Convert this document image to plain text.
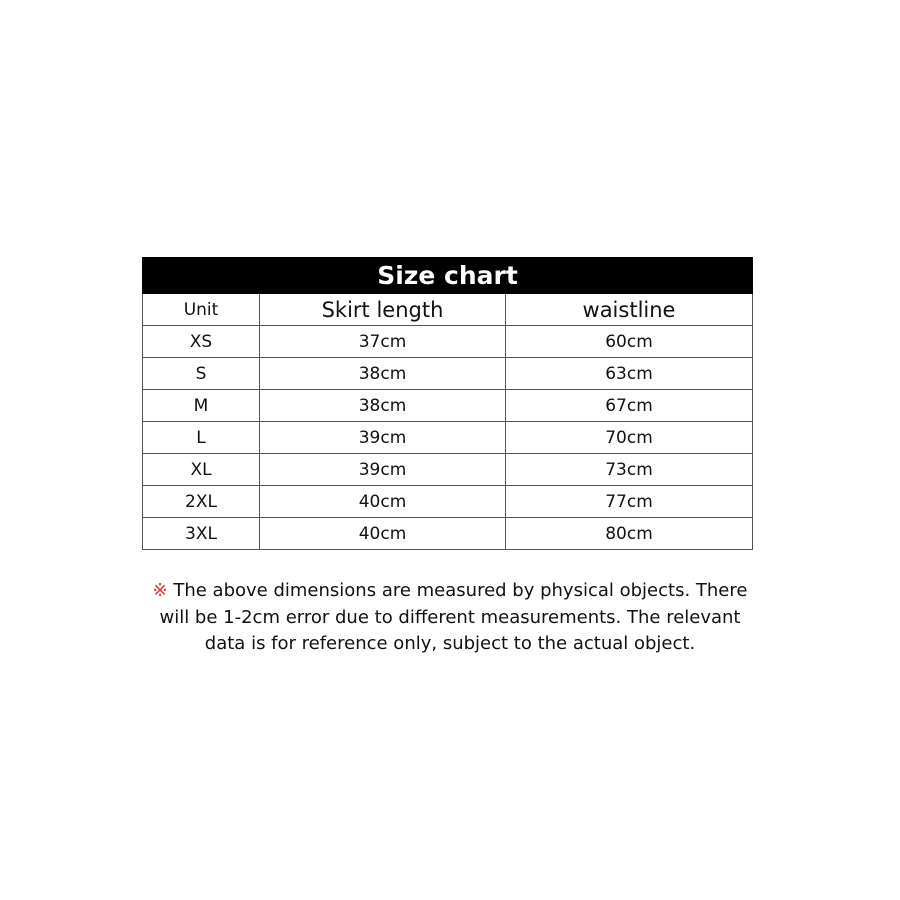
Size chart		
Unit	Skirt length	waistline
XS	37cm	60cm
S	38cm	63cm
M	38cm	67cm
L	39cm	70cm
XL	39cm	73cm
2XL	40cm	77cm
3XL	40cm	80cm
※ The above dimensions are measured by physical objects. There
will be 1-2cm error due to different measurements. The relevant
data is for reference only, subject to the actual object.
